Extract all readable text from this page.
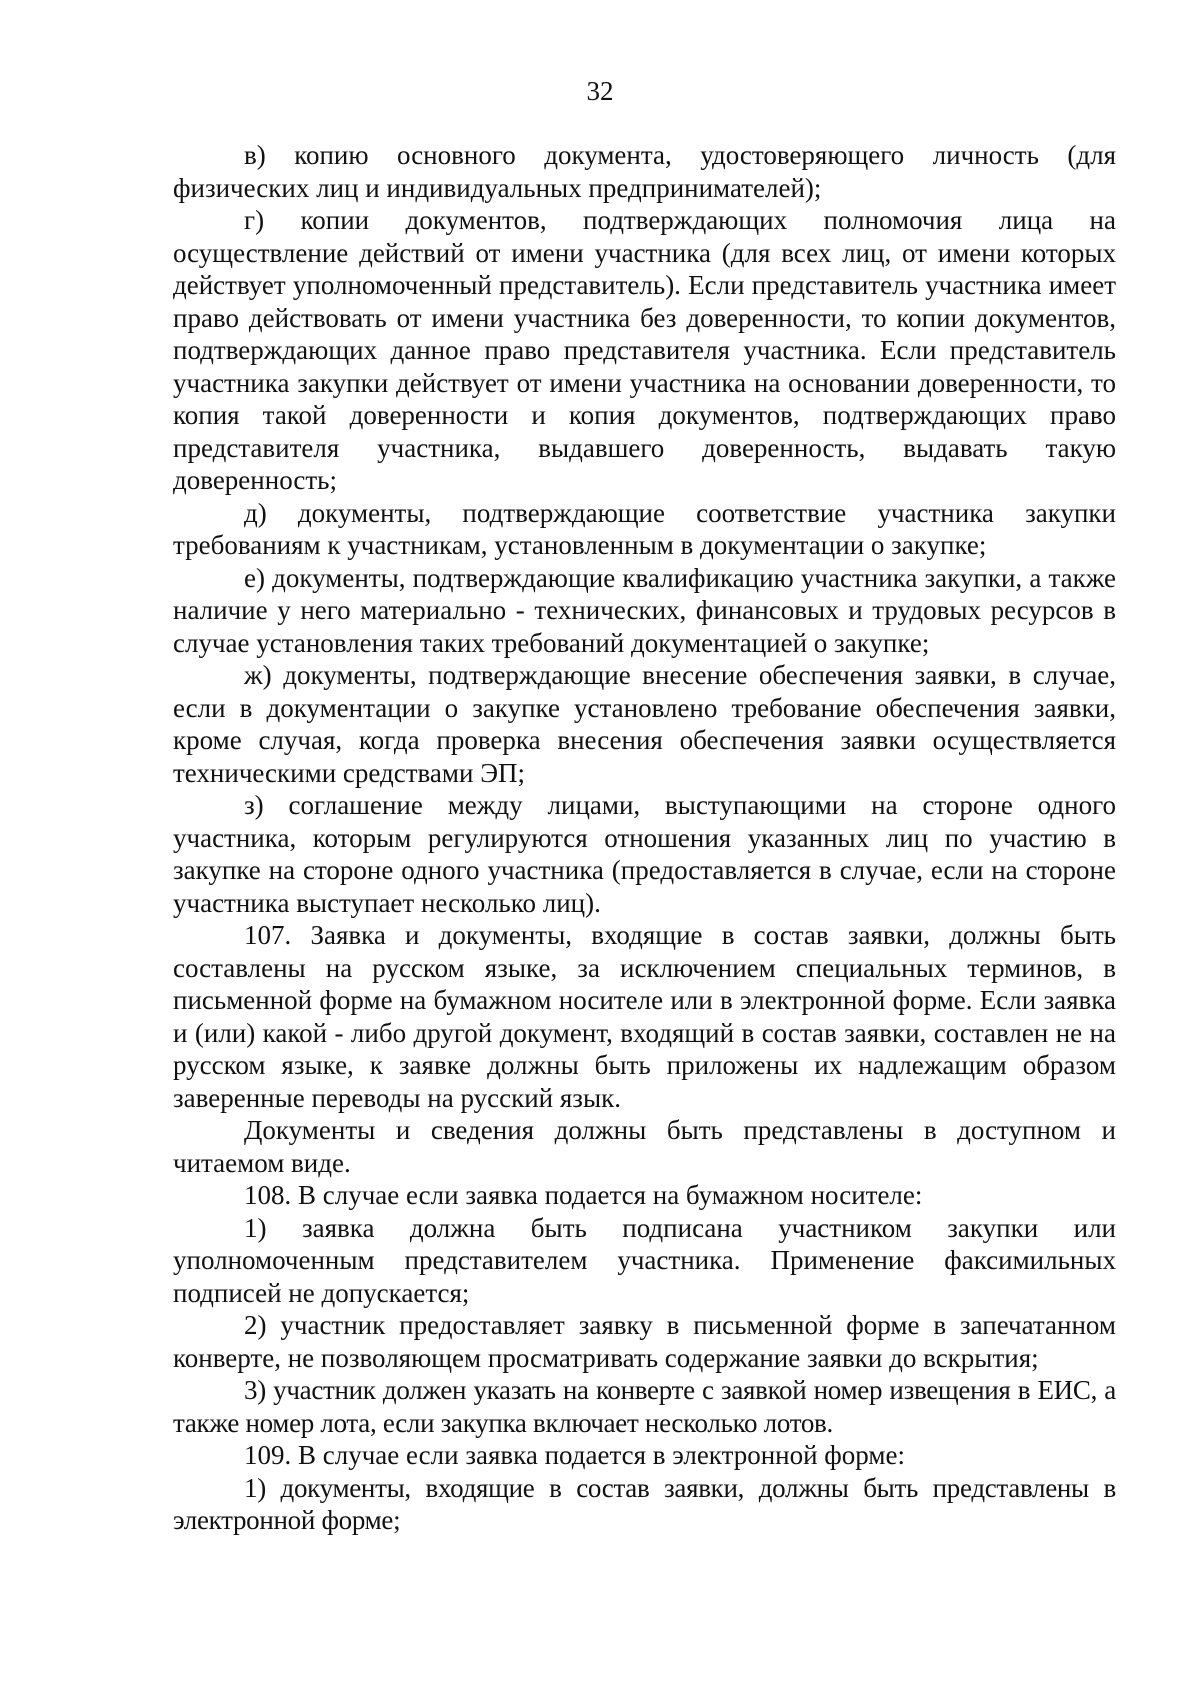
32

в) копию основного документа, удостоверяющего личность (для физических лиц и индивидуальных предпринимателей);

г) копии документов, подтверждающих полномочия лица на осуществление действий от имени участника (для всех лиц, от имени которых действует уполномоченный представитель). Если представитель участника имеет право действовать от имени участника без доверенности, то копии документов, подтверждающих данное право представителя участника. Если представитель участника закупки действует от имени участника на основании доверенности, то копия такой доверенности и копия документов, подтверждающих право представителя участника, выдавшего доверенность, выдавать такую доверенность;

д) документы, подтверждающие соответствие участника закупки требованиям к участникам, установленным в документации о закупке;

е) документы, подтверждающие квалификацию участника закупки, а также наличие у него материально - технических, финансовых и трудовых ресурсов в случае установления таких требований документацией о закупке;

ж) документы, подтверждающие внесение обеспечения заявки, в случае, если в документации о закупке установлено требование обеспечения заявки, кроме случая, когда проверка внесения обеспечения заявки осуществляется техническими средствами ЭП;

з) соглашение между лицами, выступающими на стороне одного участника, которым регулируются отношения указанных лиц по участию в закупке на стороне одного участника (предоставляется в случае, если на стороне участника выступает несколько лиц).

107. Заявка и документы, входящие в состав заявки, должны быть составлены на русском языке, за исключением специальных терминов, в письменной форме на бумажном носителе или в электронной форме. Если заявка и (или) какой - либо другой документ, входящий в состав заявки, составлен не на русском языке, к заявке должны быть приложены их надлежащим образом заверенные переводы на русский язык.

Документы и сведения должны быть представлены в доступном и читаемом виде.

108. В случае если заявка подается на бумажном носителе:

1) заявка должна быть подписана участником закупки или уполномоченным представителем участника. Применение факсимильных подписей не допускается;

2) участник предоставляет заявку в письменной форме в запечатанном конверте, не позволяющем просматривать содержание заявки до вскрытия;

3) участник должен указать на конверте с заявкой номер извещения в ЕИС, а также номер лота, если закупка включает несколько лотов.

109. В случае если заявка подается в электронной форме:

1) документы, входящие в состав заявки, должны быть представлены в электронной форме;
